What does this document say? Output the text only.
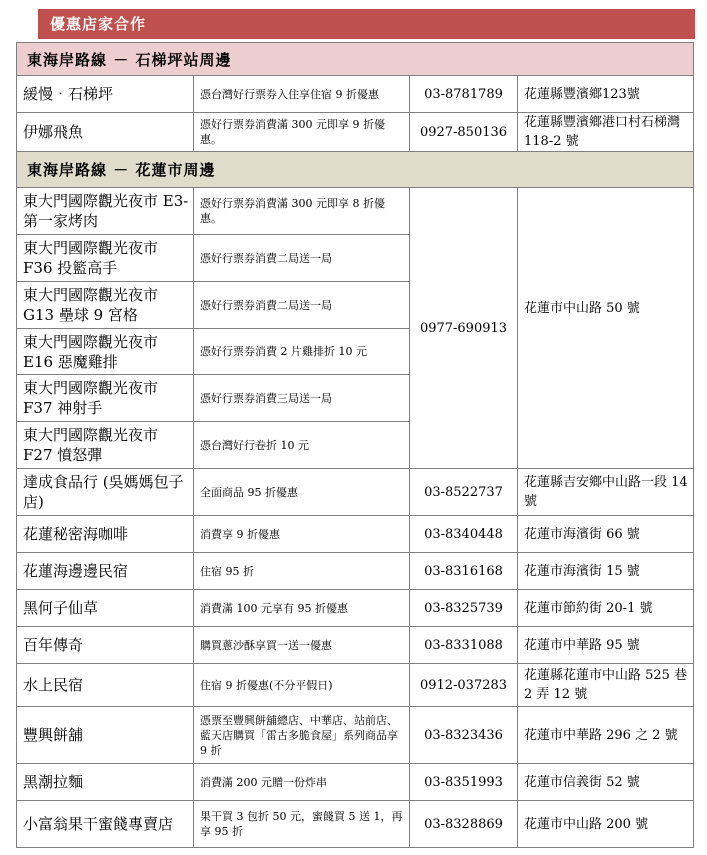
優惠店家合作
東海岸路線 － 石梯坪站周邊			
緩慢‧石梯坪	憑台灣好行票券入住享住宿 9 折優惠	03-8781789	花蓮縣豐濱鄉123號
伊娜飛魚	憑好行票券消費滿 300 元即享 9 折優惠。	0927-850136	花蓮縣豐濱鄉港口村石梯灣 118-2 號
東海岸路線 － 花蓮市周邊			
東大門國際觀光夜市 E3-第一家烤肉	憑好行票券消費滿 300 元即享 8 折優惠。	0977-690913	花蓮市中山路 50 號
東大門國際觀光夜市 F36 投籃高手	憑好行票券消費二局送一局		
東大門國際觀光夜市 G13 壘球 9 宮格	憑好行票券消費二局送一局		
東大門國際觀光夜市 E16 惡魔雞排	憑好行票券消費 2 片雞排折 10 元		
東大門國際觀光夜市 F37 神射手	憑好行票券消費三局送一局		
東大門國際觀光夜市 F27 憤怒彈	憑台灣好行卷折 10 元		
達成食品行 (吳媽媽包子店)	全面商品 95 折優惠	03-8522737	花蓮縣吉安鄉中山路一段 14 號
花蓮秘密海咖啡	消費享 9 折優惠	03-8340448	花蓮市海濱街 66 號
花蓮海邊邊民宿	住宿 95 折	03-8316168	花蓮市海濱街 15 號
黑何子仙草	消費滿 100 元享有 95 折優惠	03-8325739	花蓮市節約街 20-1 號
百年傳奇	購買蔥沙酥享買一送一優惠	03-8331088	花蓮市中華路 95 號
水上民宿	住宿 9 折優惠(不分平假日)	0912-037283	花蓮縣花蓮市中山路 525 巷 2 弄 12 號
豐興餅舖	憑票至豐興餅舖總店、中華店、站前店、藍天店購買「雷古多脆食屋」系列商品享 9 折	03-8323436	花蓮市中華路 296 之 2 號
黑潮拉麵	消費滿 200 元贈一份炸串	03-8351993	花蓮市信義街 52 號
小富翁果干蜜餞專賣店	果干買 3 包折 50 元，蜜餞買 5 送 1，再享 95 折	03-8328869	花蓮市中山路 200 號
